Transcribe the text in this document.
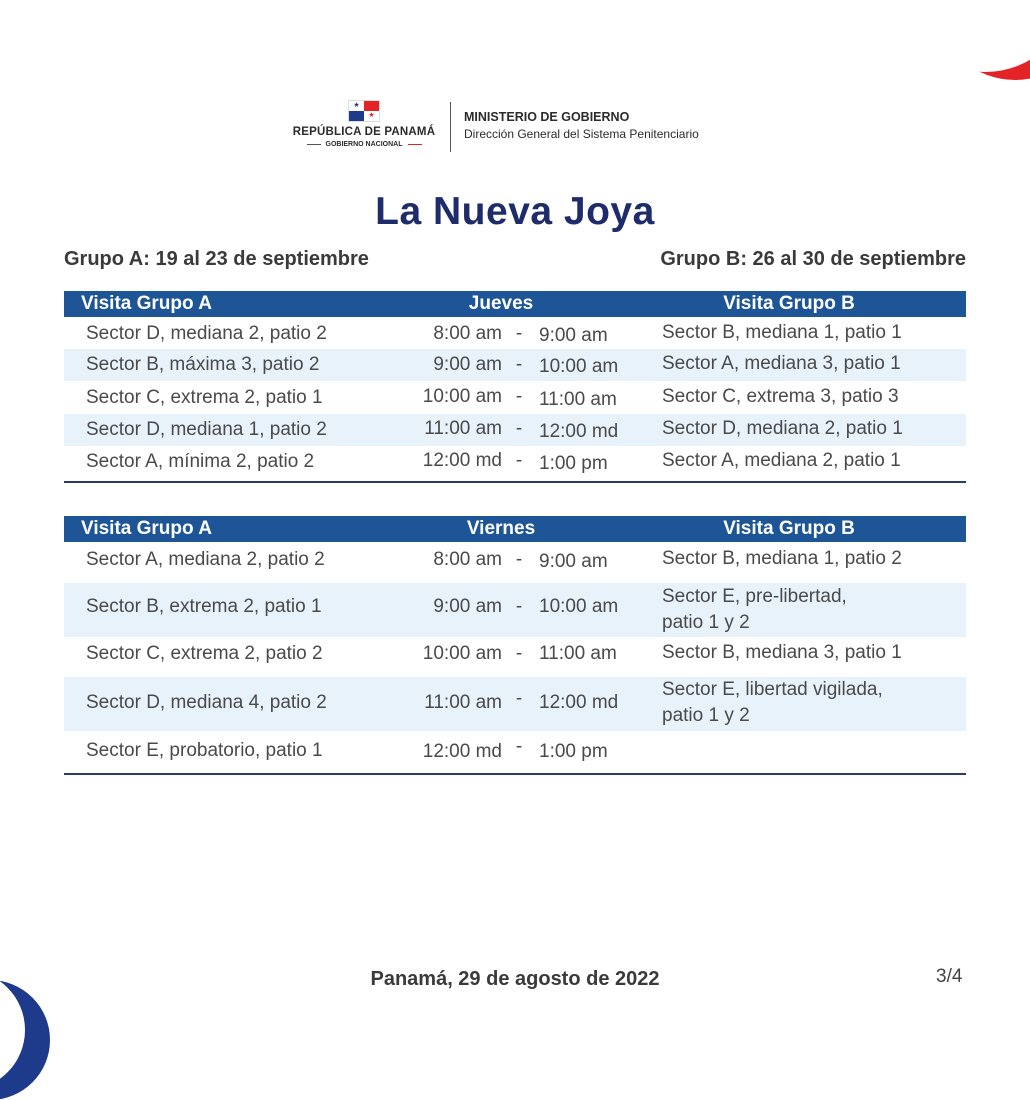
★
★
REPÚBLICA DE PANAMÁ
GOBIERNO NACIONAL
MINISTERIO DE GOBIERNO
Dirección General del Sistema Penitenciario
La Nueva Joya
Grupo A: 19 al 23 de septiembre	Grupo B: 26 al 30 de septiembre
Visita Grupo A	Jueves	Visita Grupo B
Sector D, mediana 2, patio 2	8:00 am - 9:00 am	Sector B, mediana 1, patio 1
Sector B, máxima 3, patio 2	9:00 am - 10:00 am Sector A, mediana 3, patio 1
Sector C, extrema 2, patio 1	10:00 am - 11:00 am Sector C, extrema 3, patio 3
Sector D, mediana 1, patio 2	11:00 am - 12:00 md Sector D, mediana 2, patio 1
Sector A, mínima 2, patio 2	12:00 md - 1:00 pm	Sector A, mediana 2, patio 1
Visita Grupo A	Viernes	Visita Grupo B
Sector A, mediana 2, patio 2	8:00 am - 9:00 am	Sector B, mediana 1, patio 2
Sector B, extrema 2, patio 1	9:00 am - 10:00 am Sector E, pre-libertad,
patio 1 y 2
Sector C, extrema 2, patio 2	10:00 am - 11:00 am Sector B, mediana 3, patio 1
Sector D, mediana 4, patio 2	11:00 am - 12:00 md
Sector E, libertad vigilada,
patio 1 y 2
Sector E, probatorio, patio 1	12:00 md - 1:00 pm
Panamá, 29 de agosto de 2022	3/4
